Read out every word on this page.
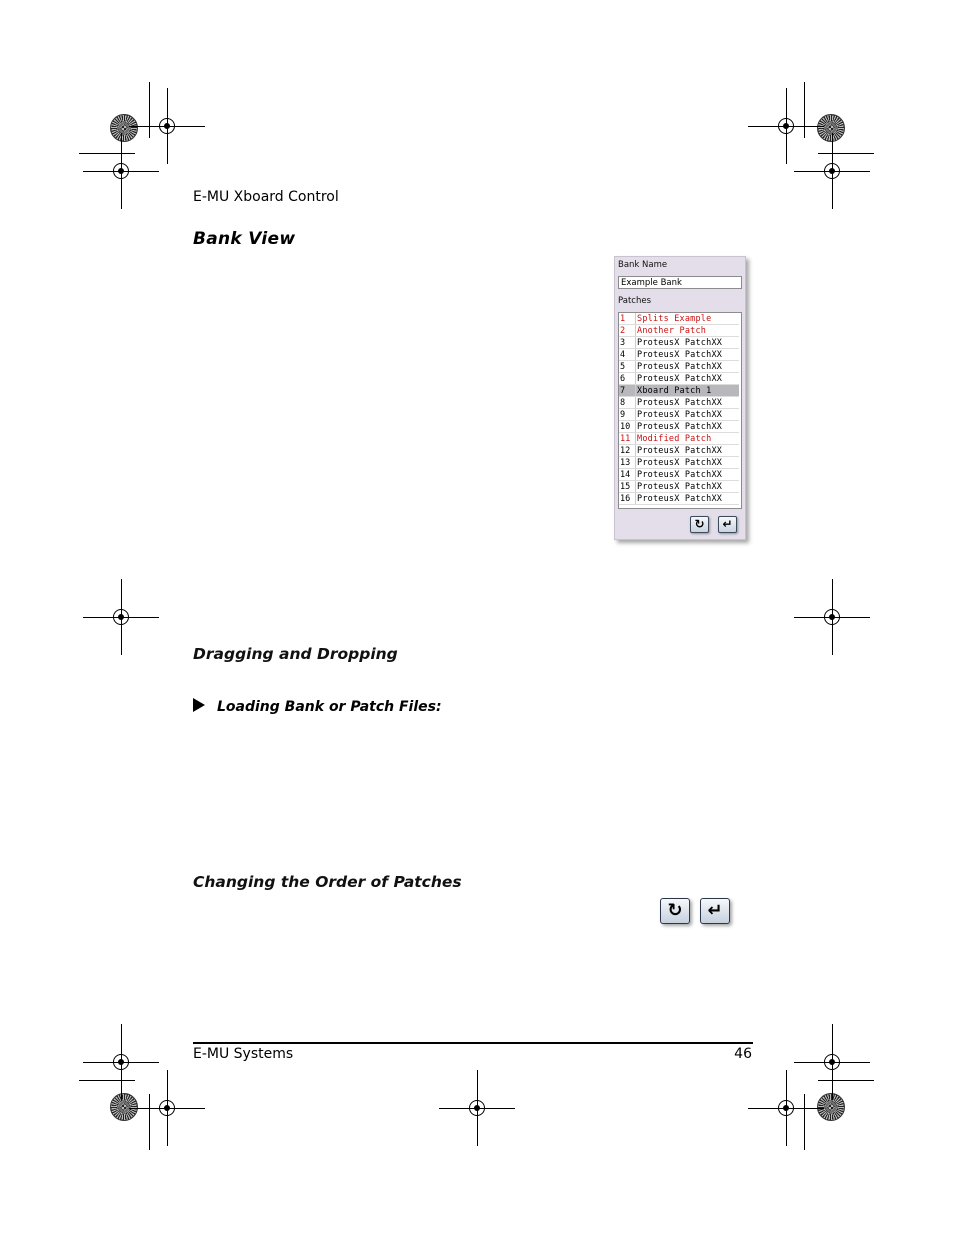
E-MU Xboard Control
Bank View
Bank Name
Example Bank
Patches
1	Splits Example
2	Another Patch
3	ProteusX PatchXX
4	ProteusX PatchXX
5	ProteusX PatchXX
6	ProteusX PatchXX
7	Xboard Patch 1
8	ProteusX PatchXX
9	ProteusX PatchXX
10 ProteusX PatchXX
11 Modified Patch
12 ProteusX PatchXX
13 ProteusX PatchXX
14 ProteusX PatchXX
15 ProteusX PatchXX
16 ProteusX PatchXX
↻	↵
Dragging and Dropping
Loading Bank or Patch Files:
Changing the Order of Patches
↻	↵
E-MU Systems	46
